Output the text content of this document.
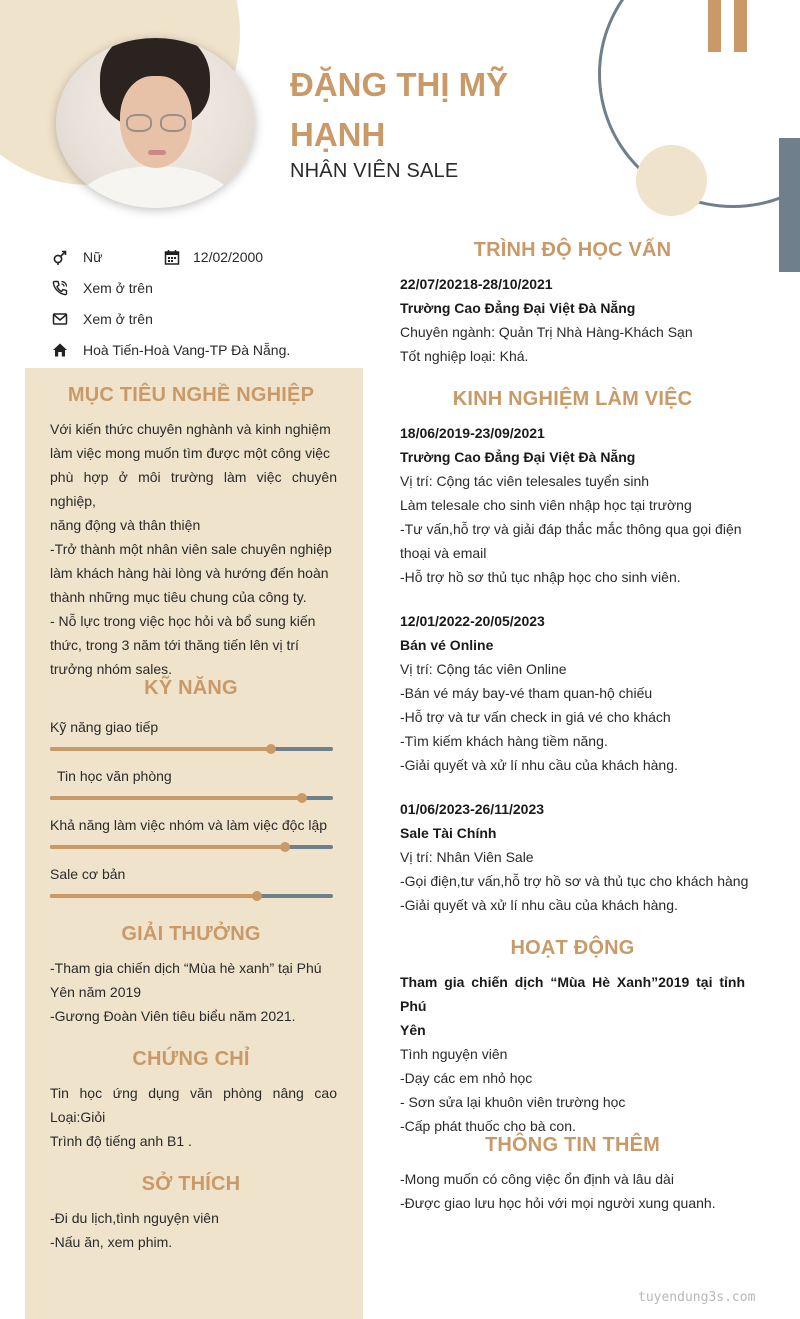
ĐẶNG THỊ MỸ HẠNH
NHÂN VIÊN SALE
Nữ	12/02/2000
Xem ở trên
Xem ở trên
Hoà Tiến-Hoà Vang-TP Đà Nẵng.
MỤC TIÊU NGHỀ NGHIỆP
Với kiến thức chuyên nghành và kinh nghiệm
làm việc mong muốn tìm được một công việc
phù hợp ở môi trường làm việc chuyên nghiệp,
năng động và thân thiện
-Trở thành một nhân viên sale chuyên nghiệp
làm khách hàng hài lòng và hướng đến hoàn
thành những mục tiêu chung của công ty.
- Nỗ lực trong việc học hỏi và bổ sung kiến
thức, trong 3 năm tới thăng tiến lên vị trí
trưởng nhóm sales.
KỸ NĂNG
Kỹ năng giao tiếp
Tin học văn phòng
Khả năng làm việc nhóm và làm việc độc lập
Sale cơ bản
GIẢI THƯỞNG
-Tham gia chiến dịch “Mùa hè xanh” tại Phú
Yên năm 2019
-Gương Đoàn Viên tiêu biểu năm 2021.
CHỨNG CHỈ
Tin học ứng dụng văn phòng nâng cao
Loại:Giỏi
Trình độ tiếng anh B1 .
SỞ THÍCH
-Đi du lịch,tình nguyện viên
-Nấu ăn, xem phim.
TRÌNH ĐỘ HỌC VẤN
22/07/20218-28/10/2021
Trường Cao Đẳng Đại Việt Đà Nẵng
Chuyên ngành: Quản Trị Nhà Hàng-Khách Sạn
Tốt nghiệp loại: Khá.
KINH NGHIỆM LÀM VIỆC
18/06/2019-23/09/2021
Trường Cao Đẳng Đại Việt Đà Nẵng
Vị trí: Cộng tác viên telesales tuyển sinh
Làm telesale cho sinh viên nhập học tại trường
-Tư vấn,hỗ trợ và giải đáp thắc mắc thông qua gọi điện
thoại và email
-Hỗ trợ hồ sơ thủ tục nhập học cho sinh viên.
12/01/2022-20/05/2023
Bán vé Online
Vị trí: Cộng tác viên Online
-Bán vé máy bay-vé tham quan-hộ chiếu
-Hỗ trợ và tư vấn check in giá vé cho khách
-Tìm kiếm khách hàng tiềm năng.
-Giải quyết và xử lí nhu cầu của khách hàng.
01/06/2023-26/11/2023
Sale Tài Chính
Vị trí: Nhân Viên Sale
-Gọi điện,tư vấn,hỗ trợ hồ sơ và thủ tục cho khách hàng
-Giải quyết và xử lí nhu cầu của khách hàng.
HOẠT ĐỘNG
Tham gia chiến dịch “Mùa Hè Xanh”2019 tại tỉnh Phú
Yên
Tình nguyện viên
-Dạy các em nhỏ học
- Sơn sửa lại khuôn viên trường học
-Cấp phát thuốc cho bà con.
THÔNG TIN THÊM
-Mong muốn có công việc ổn định và lâu dài
-Được giao lưu học hỏi với mọi người xung quanh.
tuyendung3s.com
